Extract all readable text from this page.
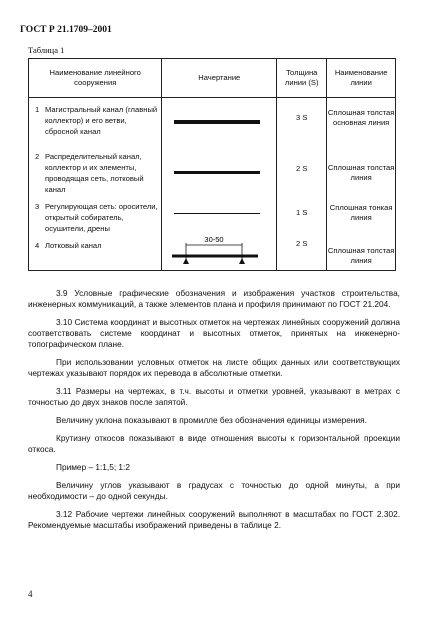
ГОСТ Р 21.1709–2001
Таблица 1
Наименование линейного сооружения	Начертание	Толщина линии (S)	Наименование линии

1 Магистральный канал (главный коллектор) и его ветви, сбросной канал		3 S	Сплошная толстая основная линия

2 Распределительный канал, коллектор и их элементы, проводящая сеть, лотковый канал		2 S	Сплошная толстая линия

3 Регулирующая сеть: оросители, открытый собиратель, осушители, дрены		1 S	Сплошная тонкая линия

4 Лотковый канал	30-50	2 S	Сплошная толстая линия

3.9 Условные графические обозначения и изображения участков строительства, инженерных коммуникаций, а также элементов плана и профиля принимают по ГОСТ 21.204.

3.10 Система координат и высотных отметок на чертежах линейных сооружений должна соответствовать системе координат и высотных отметок, принятых на инженерно-топографическом плане.

При использовании условных отметок на листе общих данных или соответствующих чертежах указывают порядок их перевода в абсолютные отметки.

3.11 Размеры на чертежах, в т.ч. высоты и отметки уровней, указывают в метрах с точностью до двух знаков после запятой.

Величину уклона показывают в промилле без обозначения единицы измерения.

Крутизну откосов показывают в виде отношения высоты к горизонтальной проекции откоса.

Пример – 1:1,5; 1:2

Величину углов указывают в градусах с точностью до одной минуты, а при необходимости – до одной секунды.

3.12 Рабочие чертежи линейных сооружений выполняют в масштабах по ГОСТ 2.302. Рекомендуемые масштабы изображений приведены в таблице 2.

4
